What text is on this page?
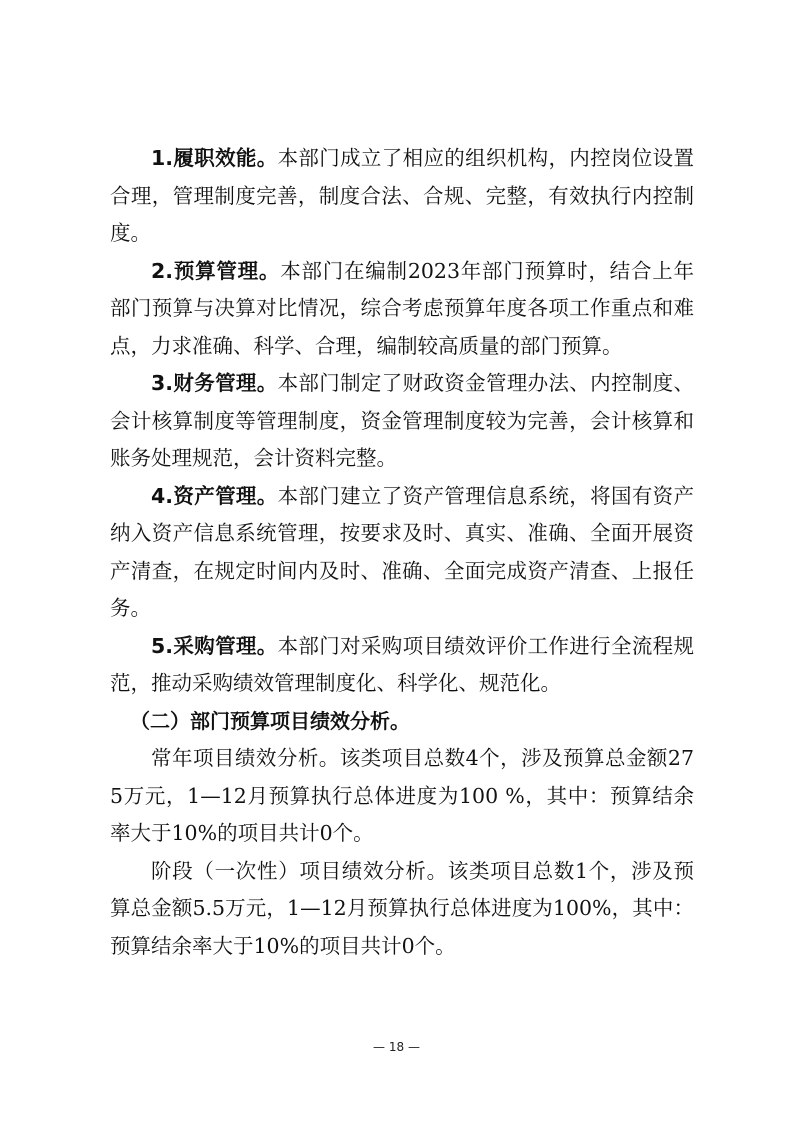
1.履职效能。本部门成立了相应的组织机构，内控岗位设置合理，管理制度完善，制度合法、合规、完整，有效执行内控制度。

2.预算管理。本部门在编制2023年部门预算时，结合上年部门预算与决算对比情况，综合考虑预算年度各项工作重点和难点，力求准确、科学、合理，编制较高质量的部门预算。

3.财务管理。本部门制定了财政资金管理办法、内控制度、会计核算制度等管理制度，资金管理制度较为完善，会计核算和账务处理规范，会计资料完整。

4.资产管理。本部门建立了资产管理信息系统，将国有资产纳入资产信息系统管理，按要求及时、真实、准确、全面开展资产清查，在规定时间内及时、准确、全面完成资产清查、上报任务。

5.采购管理。本部门对采购项目绩效评价工作进行全流程规范，推动采购绩效管理制度化、科学化、规范化。

（二）部门预算项目绩效分析。

常年项目绩效分析。该类项目总数4个，涉及预算总金额275万元，1—12月预算执行总体进度为100 %，其中：预算结余率大于10%的项目共计0个。

阶段（一次性）项目绩效分析。该类项目总数1个，涉及预算总金额5.5万元，1—12月预算执行总体进度为100%，其中：预算结余率大于10%的项目共计0个。

— 18 —
